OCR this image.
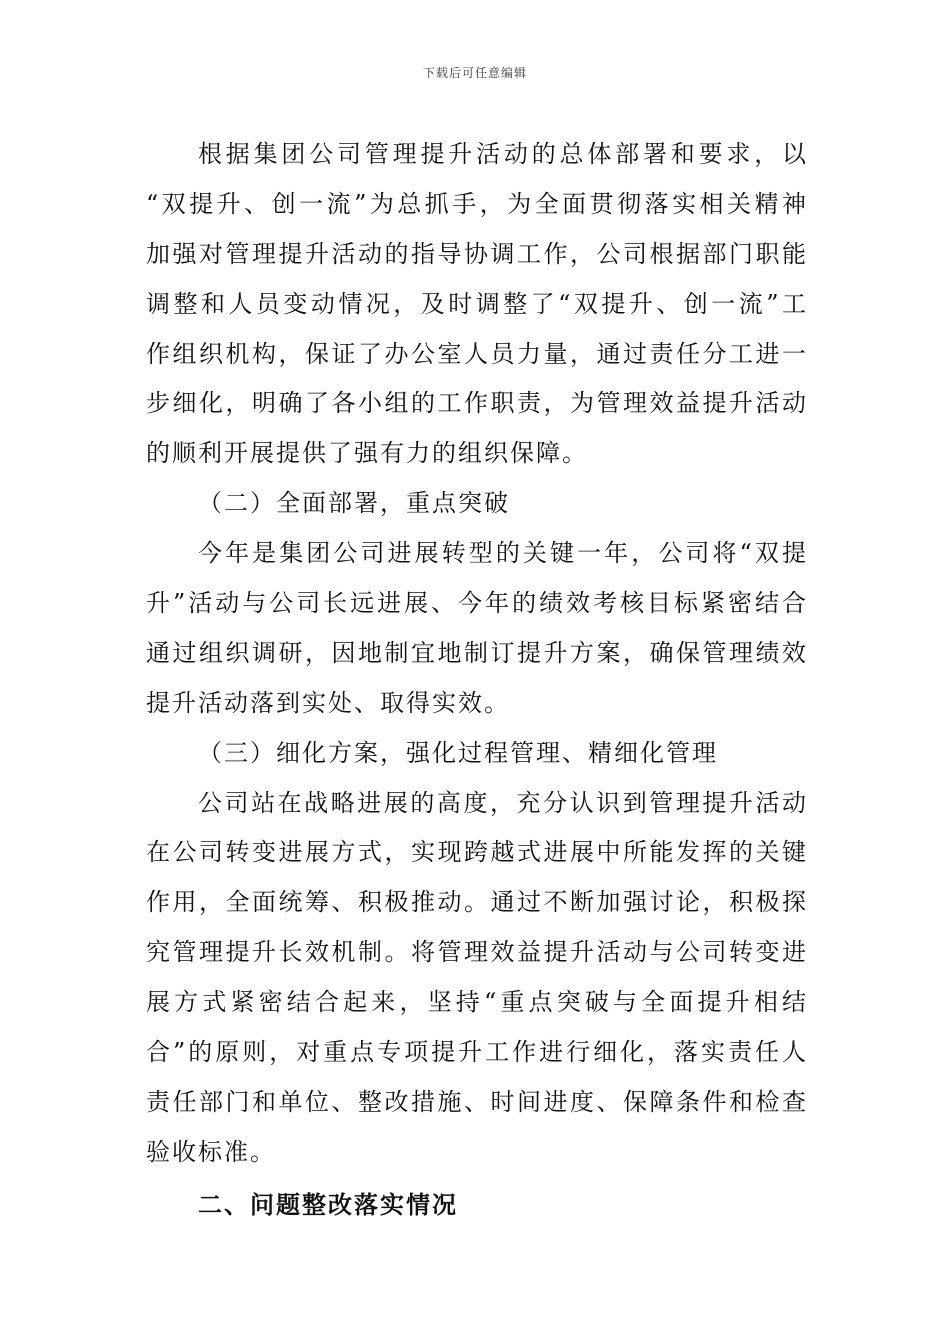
下载后可任意编辑
根据集团公司管理提升活动的总体部署和要求，以
“双提升、创一流”为总抓手，为全面贯彻落实相关精神
加强对管理提升活动的指导协调工作，公司根据部门职能
调整和人员变动情况，及时调整了“双提升、创一流”工
作组织机构，保证了办公室人员力量，通过责任分工进一
步细化，明确了各小组的工作职责，为管理效益提升活动
的顺利开展提供了强有力的组织保障。
（二）全面部署，重点突破
今年是集团公司进展转型的关键一年，公司将“双提
升”活动与公司长远进展、今年的绩效考核目标紧密结合
通过组织调研，因地制宜地制订提升方案，确保管理绩效
提升活动落到实处、取得实效。
（三）细化方案，强化过程管理、精细化管理
公司站在战略进展的高度，充分认识到管理提升活动
在公司转变进展方式，实现跨越式进展中所能发挥的关键
作用，全面统筹、积极推动。通过不断加强讨论，积极探
究管理提升长效机制。将管理效益提升活动与公司转变进
展方式紧密结合起来，坚持“重点突破与全面提升相结
合”的原则，对重点专项提升工作进行细化，落实责任人
责任部门和单位、整改措施、时间进度、保障条件和检查
验收标准。
二、问题整改落实情况
